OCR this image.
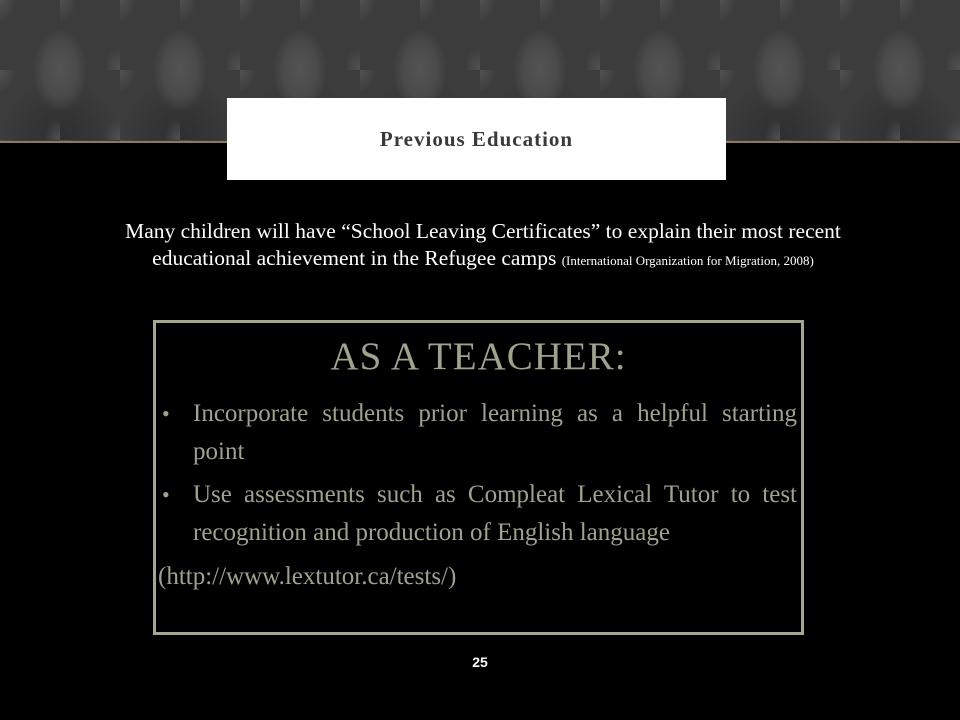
Previous Education
Many children will have “School Leaving Certificates” to explain their most recent educational achievement in the Refugee camps (International Organization for Migration, 2008)
AS A TEACHER:
• Incorporate students prior learning as a helpful starting point
• Use assessments such as Compleat Lexical Tutor to test recognition and production of English language
(http://www.lextutor.ca/tests/)
25
